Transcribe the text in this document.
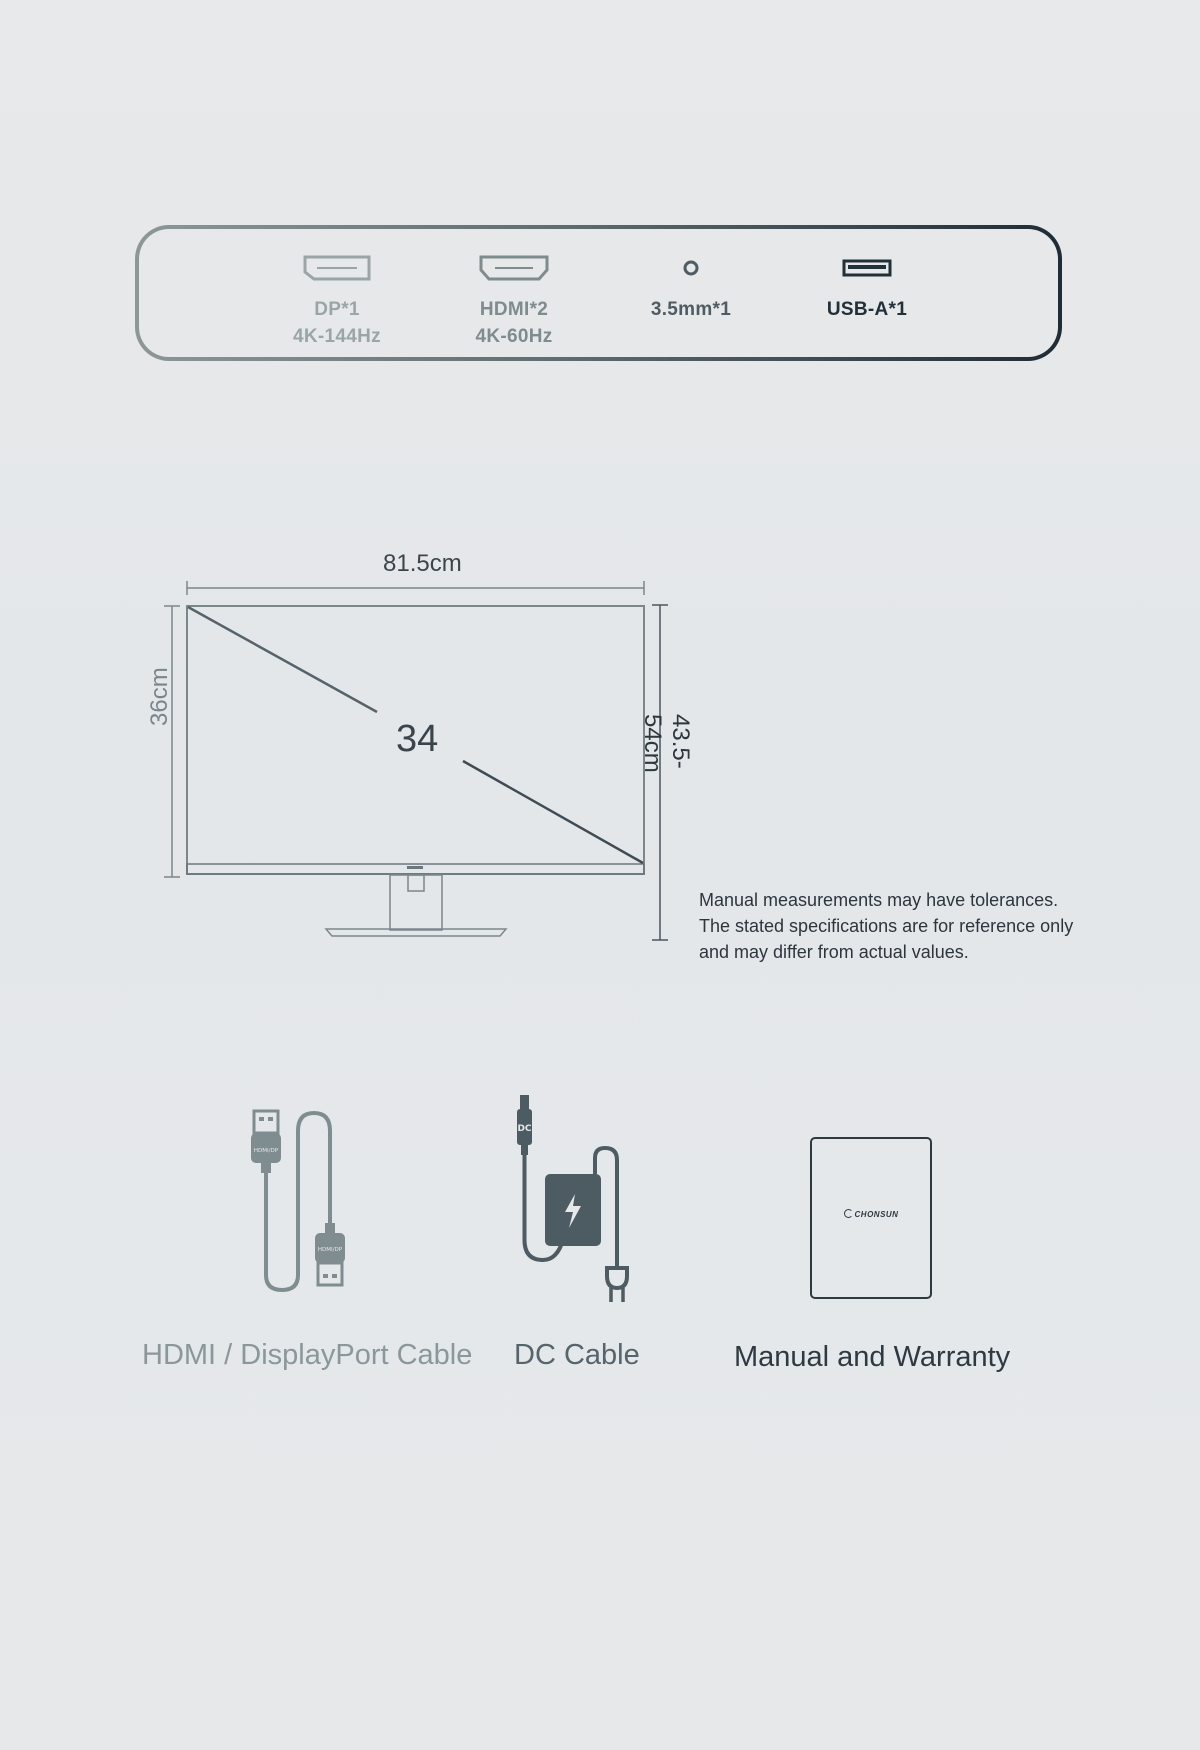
DP*1
4K-144Hz
HDMI*2
4K-60Hz
3.5mm*1	USB-A*1
81.5cm
34
36cm
43.5-54cm
Manual measurements may have tolerances.
The stated specifications are for reference only
and may differ from actual values.
HDMI/DP
HDMI/DP
DC
CHONSUN
HDMI / DisplayPort Cable DC Cable	Manual and Warranty
